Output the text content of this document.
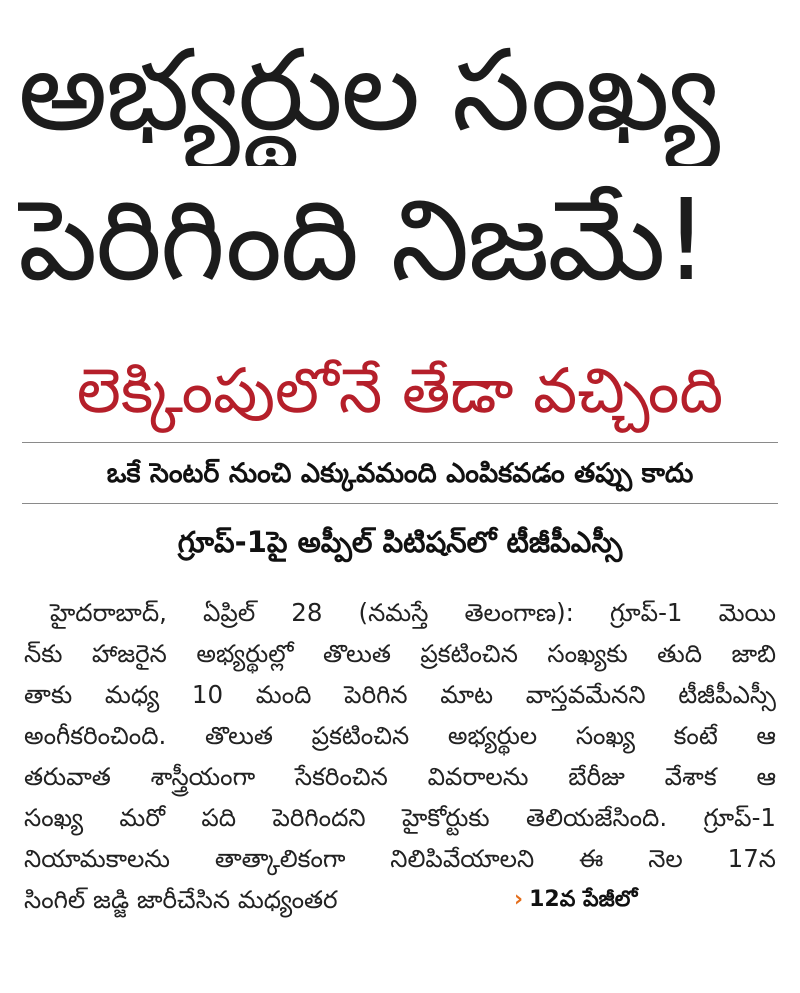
అభ్యర్థుల సంఖ్య
పెరిగింది నిజమే!
లెక్కింపులోనే తేడా వచ్చింది
ఒకే సెంటర్ నుంచి ఎక్కువమంది ఎంపికవడం తప్పు కాదు
గ్రూప్-1పై అప్పీల్ పిటిషన్‌లో టీజీపీఎస్సీ
హైదరాబాద్, ఏప్రిల్ 28 (నమస్తే తెలంగాణ): గ్రూప్-1 మెయి
న్‌కు హాజరైన అభ్యర్థుల్లో తొలుత ప్రకటించిన సంఖ్యకు తుది జాబి
తాకు మధ్య 10 మంది పెరిగిన మాట వాస్తవమేనని టీజీపీఎస్సీ
అంగీకరించింది. తొలుత ప్రకటించిన అభ్యర్థుల సంఖ్య కంటే ఆ
తరువాత శాస్త్రీయంగా సేకరించిన వివరాలను బేరీజు వేశాక ఆ
సంఖ్య మరో పది పెరిగిందని హైకోర్టుకు తెలియజేసింది. గ్రూప్-1
నియామకాలను తాత్కాలికంగా నిలిపివేయాలని ఈ నెల 17న
సింగిల్ జడ్జి జారీచేసిన మధ్యంతర	› 12వ పేజీలో
